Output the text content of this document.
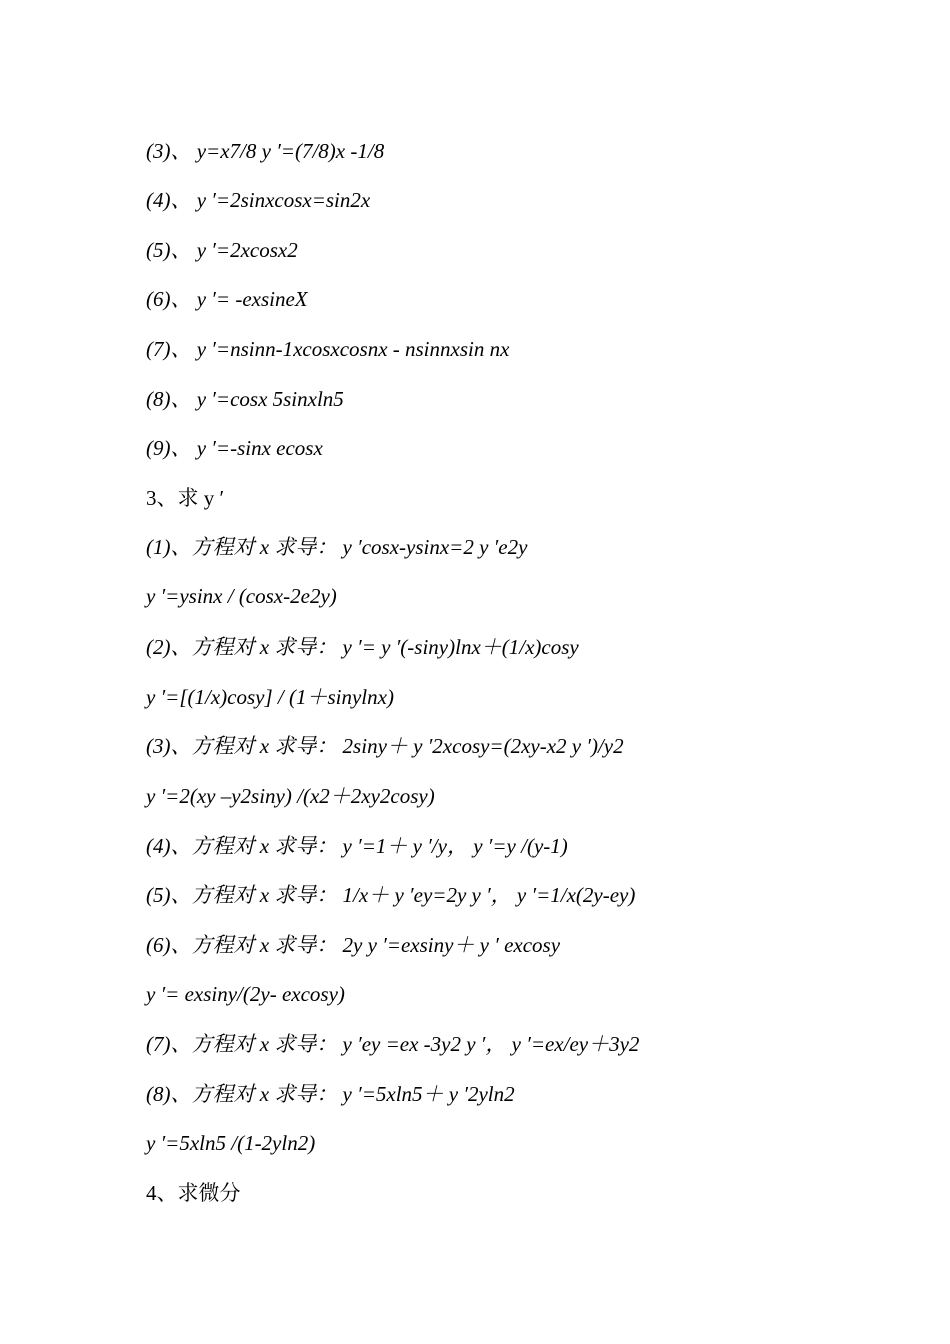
(3)、 y=x7/8 y ′=(7/8)x -1/8
(4)、 y ′=2sinxcosx=sin2x
(5)、 y ′=2xcosx2
(6)、 y ′= -exsineX
(7)、 y ′=nsinn-1xcosxcosnx - nsinnxsin nx
(8)、 y ′=cosx 5sinxln5
(9)、 y ′=-sinx ecosx
3、求 y ′
(1)、方程对 x 求导： y ′cosx-ysinx=2 y ′e2y
y ′=ysinx / (cosx-2e2y)
(2)、方程对 x 求导： y ′= y ′(-siny)lnx＋(1/x)cosy
y ′=[(1/x)cosy] / (1＋sinylnx)
(3)、方程对 x 求导： 2siny＋ y ′2xcosy=(2xy-x2 y ′)/y2
y ′=2(xy –y2siny) /(x2＋2xy2cosy)
(4)、方程对 x 求导： y ′=1＋ y ′/y， y ′=y /(y-1)
(5)、方程对 x 求导： 1/x＋ y ′ey=2y y ′， y ′=1/x(2y-ey)
(6)、方程对 x 求导： 2y y ′=exsiny＋ y ′ excosy
y ′= exsiny/(2y- excosy)
(7)、方程对 x 求导： y ′ey =ex -3y2 y ′， y ′=ex/ey＋3y2
(8)、方程对 x 求导： y ′=5xln5＋ y ′2yln2
y ′=5xln5 /(1-2yln2)
4、求微分
